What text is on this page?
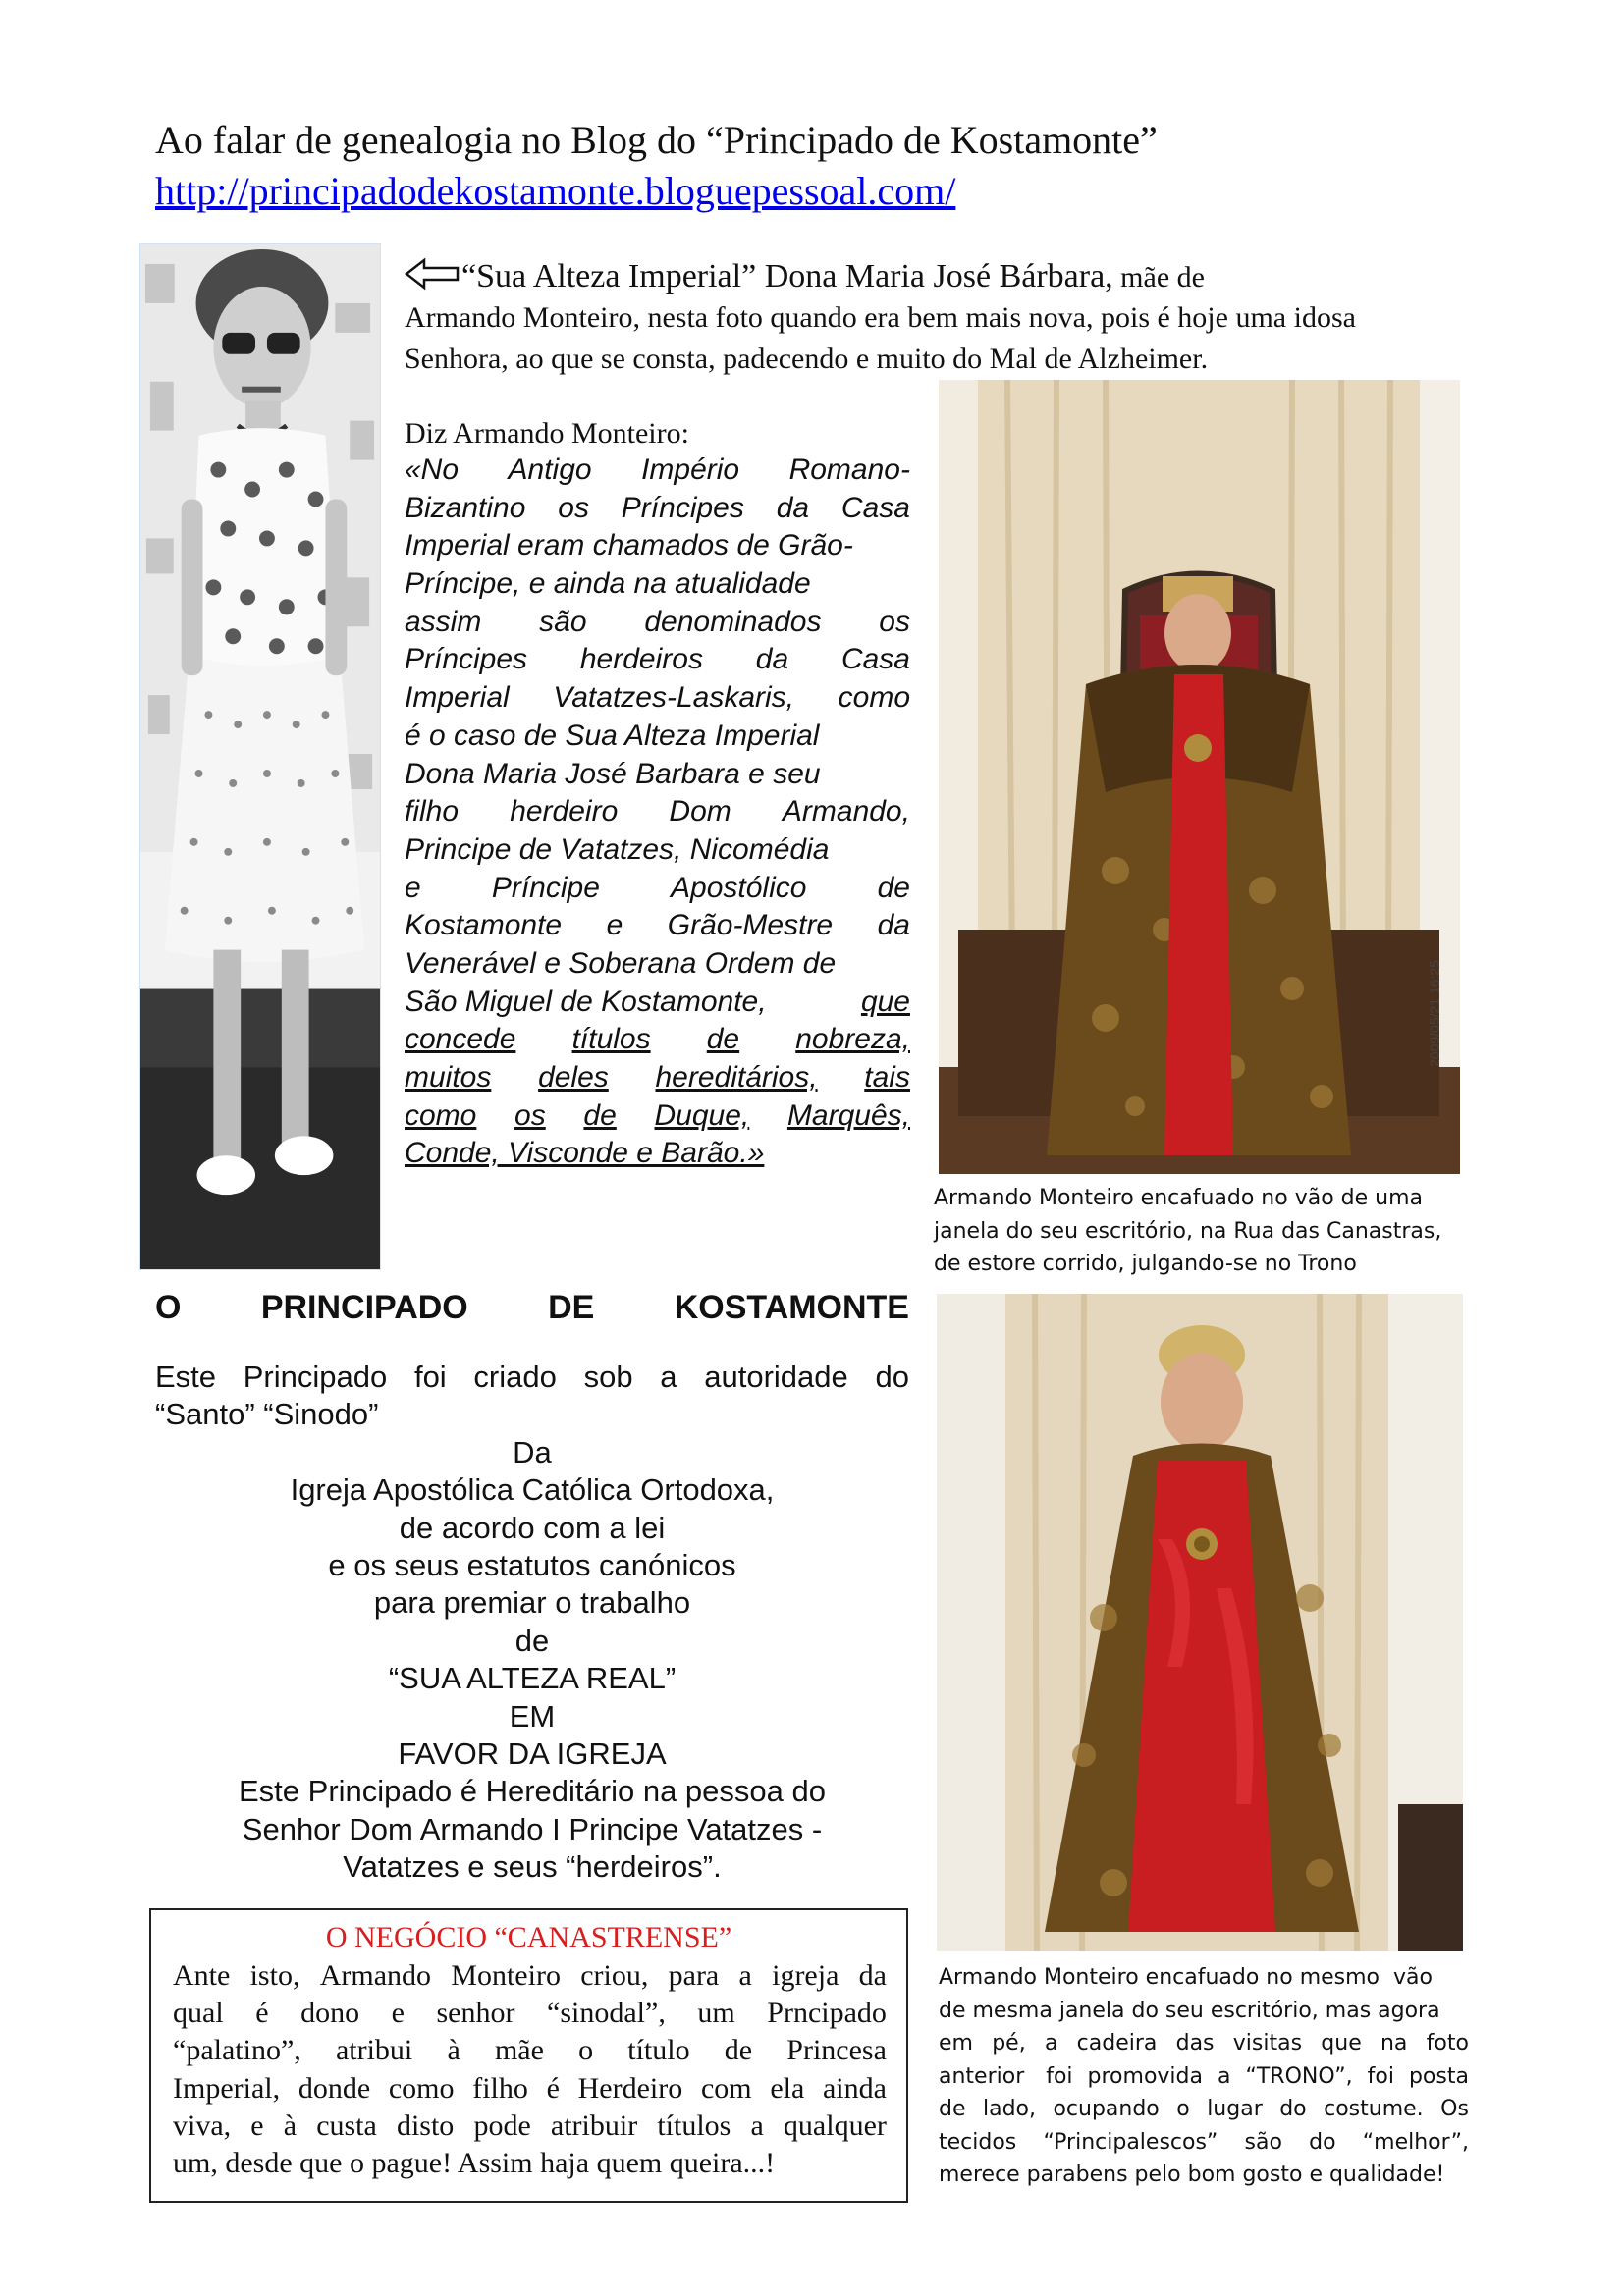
Ao falar de genealogia no Blog do “Principado de Kostamonte”
http://principadodekostamonte.bloguepessoal.com/
“Sua Alteza Imperial” Dona Maria José Bárbara, mãe de
Armando Monteiro, nesta foto quando era bem mais nova, pois é hoje uma idosa
Senhora, ao que se consta, padecendo e muito do Mal de Alzheimer.
Diz Armando Monteiro:
«No Antigo Império Romano-
Bizantino os Príncipes da Casa
Imperial eram chamados de Grão-
Príncipe, e ainda na atualidade
assim são denominados os
Príncipes herdeiros da Casa
Imperial Vatatzes-Laskaris, como
é o caso de Sua Alteza Imperial
Dona Maria José Barbara e seu
filho herdeiro Dom Armando,
Principe de Vatatzes, Nicomédia
e Príncipe Apostólico de
Kostamonte e Grão-Mestre da
Venerável e Soberana Ordem de
São Miguel de Kostamonte,	que
concede títulos de nobreza,
muitos deles hereditários, tais
como os de Duque, Marquês,
Conde, Visconde e Barão.»
2009/05/21 16:25
Armando Monteiro encafuado no vão de uma
janela do seu escritório, na Rua das Canastras,
de estore corrido, julgando-se no Trono
Armando Monteiro encafuado no mesmo  vão
de mesma janela do seu escritório, mas agora
em pé, a cadeira das visitas que na foto
anterior foi promovida a “TRONO”, foi posta
de lado, ocupando o lugar do costume. Os
tecidos “Principalescos” são do “melhor”,
merece parabens pelo bom gosto e qualidade!
O PRINCIPADO DE KOSTAMONTE
Este Principado foi criado sob a autoridade do
“Santo” “Sinodo”
Da
Igreja Apostólica Católica Ortodoxa,
de acordo com a lei
e os seus estatutos canónicos
para premiar o trabalho
de
“SUA ALTEZA REAL”
EM
FAVOR DA IGREJA
Este Principado é Hereditário na pessoa do
Senhor Dom Armando I Principe Vatatzes -
Vatatzes e seus “herdeiros”.
O NEGÓCIO “CANASTRENSE”
Ante isto, Armando Monteiro criou, para a igreja da
qual é dono e senhor “sinodal”, um Prncipado
“palatino”, atribui à mãe o título de Princesa
Imperial, donde como filho é Herdeiro com ela ainda
viva, e à custa disto pode atribuir títulos a qualquer
um, desde que o pague! Assim haja quem queira...!
